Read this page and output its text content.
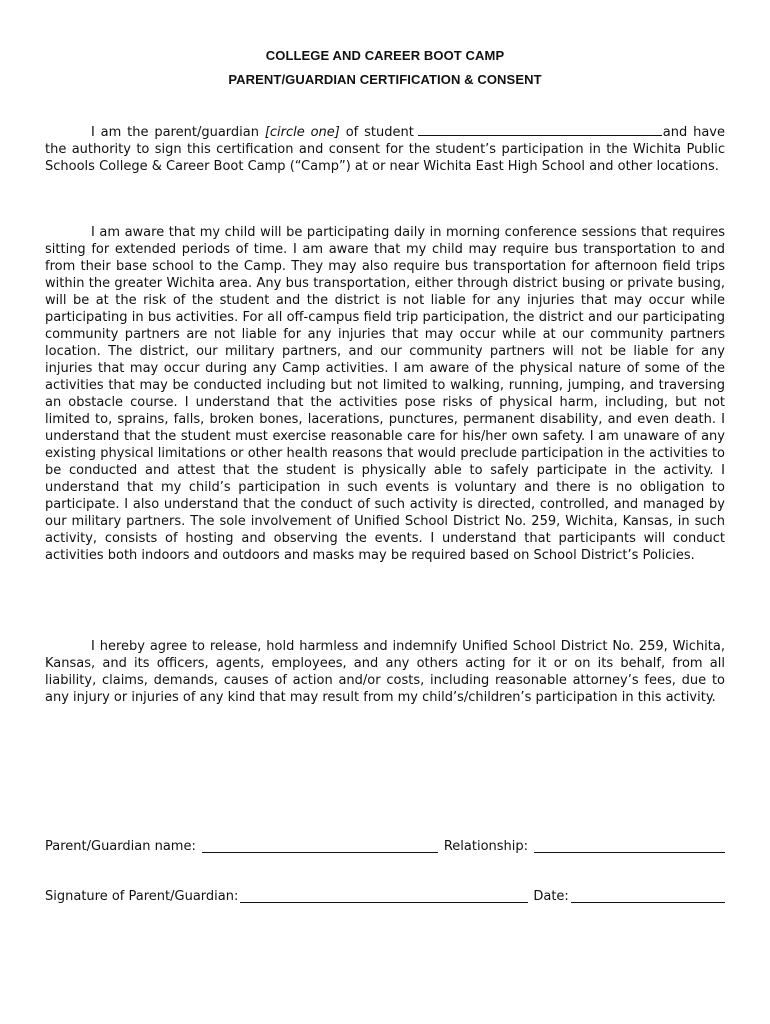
COLLEGE AND CAREER BOOT CAMP
PARENT/GUARDIAN CERTIFICATION & CONSENT

I am the parent/guardian [circle one] of student	and have the authority to sign this certification and consent for the student’s participation in the Wichita Public Schools College & Career Boot Camp (“Camp”) at or near Wichita East High School and other locations.

I am aware that my child will be participating daily in morning conference sessions that requires sitting for extended periods of time. I am aware that my child may require bus transportation to and from their base school to the Camp. They may also require bus transportation for afternoon field trips within the greater Wichita area. Any bus transportation, either through district busing or private busing, will be at the risk of the student and the district is not liable for any injuries that may occur while participating in bus activities. For all off-campus field trip participation, the district and our participating community partners are not liable for any injuries that may occur while at our community partners location. The district, our military partners, and our community partners will not be liable for any injuries that may occur during any Camp activities. I am aware of the physical nature of some of the activities that may be conducted including but not limited to walking, running, jumping, and traversing an obstacle course. I understand that the activities pose risks of physical harm, including, but not limited to, sprains, falls, broken bones, lacerations, punctures, permanent disability, and even death. I understand that the student must exercise reasonable care for his/her own safety. I am unaware of any existing physical limitations or other health reasons that would preclude participation in the activities to be conducted and attest that the student is physically able to safely participate in the activity. I understand that my child’s participation in such events is voluntary and there is no obligation to participate. I also understand that the conduct of such activity is directed, controlled, and managed by our military partners. The sole involvement of Unified School District No. 259, Wichita, Kansas, in such activity, consists of hosting and observing the events. I understand that participants will conduct activities both indoors and outdoors and masks may be required based on School District’s Policies.

I hereby agree to release, hold harmless and indemnify Unified School District No. 259, Wichita, Kansas, and its officers, agents, employees, and any others acting for it or on its behalf, from all liability, claims, demands, causes of action and/or costs, including reasonable attorney’s fees, due to any injury or injuries of any kind that may result from my child’s/children’s participation in this activity.

Parent/Guardian name:	Relationship:
Signature of Parent/Guardian:	Date:
